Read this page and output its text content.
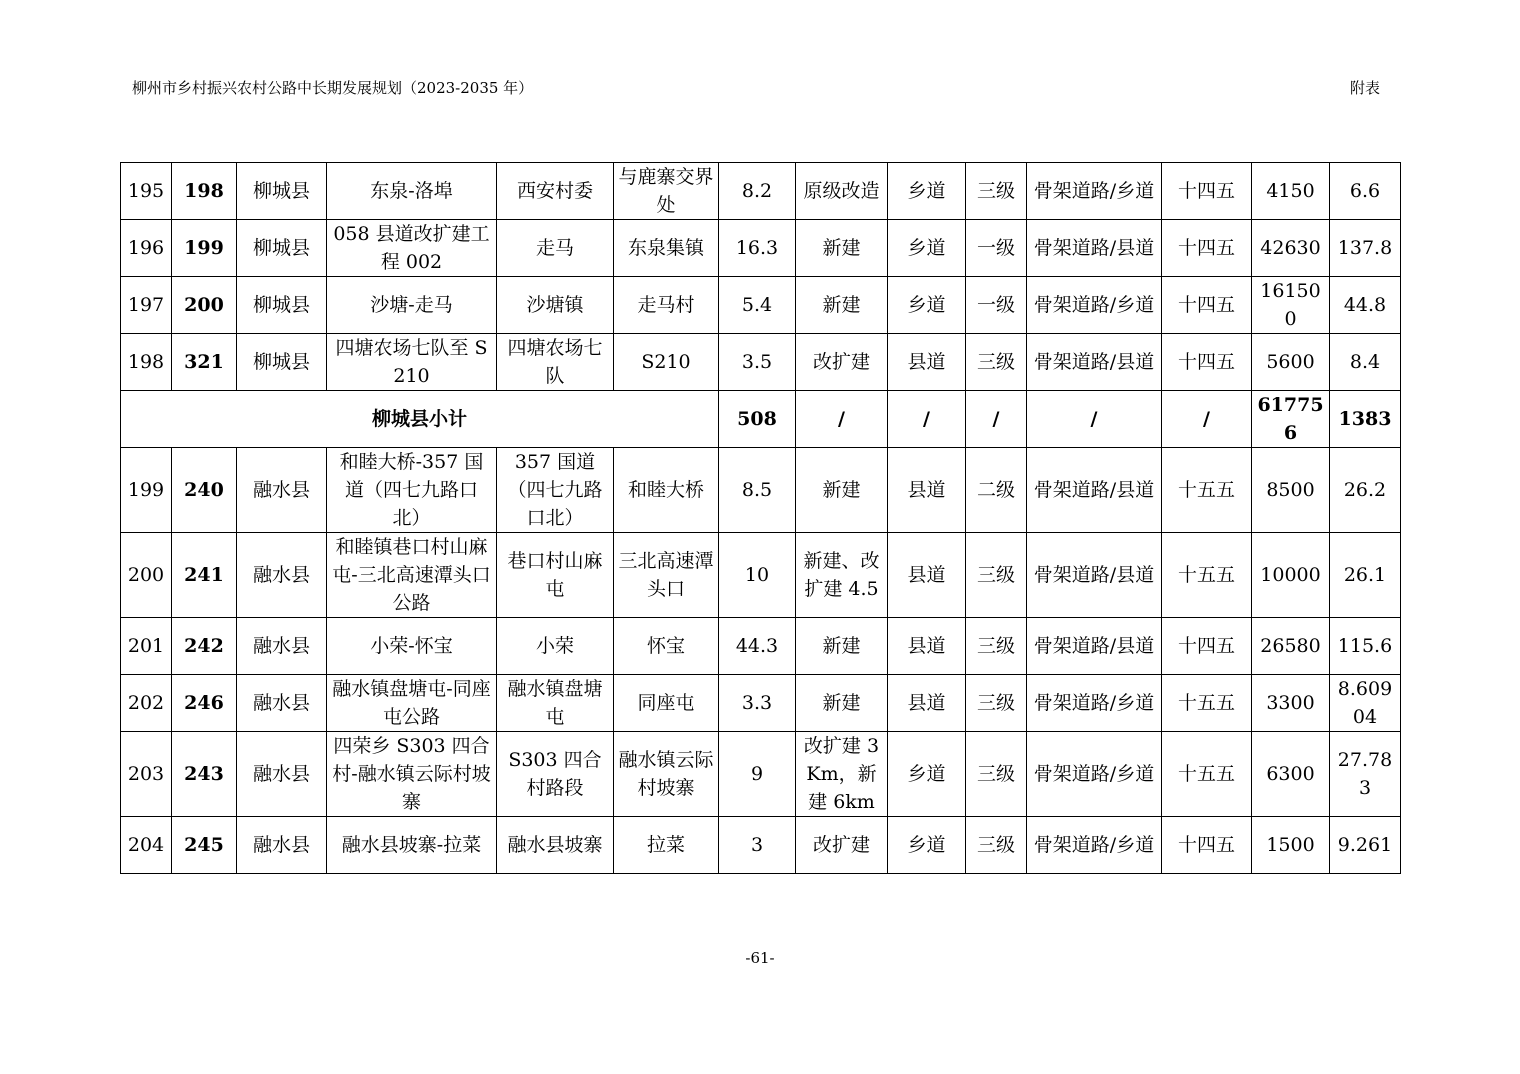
柳州市乡村振兴农村公路中长期发展规划（2023-2035 年）	附表
195	198	柳城县	东泉-洛埠	西安村委	与鹿寨交界处	8.2	原级改造	乡道	三级	骨架道路/乡道	十四五	4150	6.6
196	199	柳城县	058 县道改扩建工程 002	走马	东泉集镇	16.3	新建	乡道	一级	骨架道路/县道	十四五	42630	137.8
197	200	柳城县	沙塘-走马	沙塘镇	走马村	5.4	新建	乡道	一级	骨架道路/乡道	十四五	161500	44.8
198	321	柳城县	四塘农场七队至 S210	四塘农场七队	S210	3.5	改扩建	县道	三级	骨架道路/县道	十四五	5600	8.4
柳城县小计						508	/	/	/	/	/	617756	1383
199	240	融水县	和睦大桥-357 国道（四七九路口北）	357 国道（四七九路口北）	和睦大桥	8.5	新建	县道	二级	骨架道路/县道	十五五	8500	26.2
200	241	融水县	和睦镇巷口村山麻屯-三北高速潭头口公路	巷口村山麻屯	三北高速潭头口	10	新建、改扩建 4.5	县道	三级	骨架道路/县道	十五五	10000	26.1
201	242	融水县	小荣-怀宝	小荣	怀宝	44.3	新建	县道	三级	骨架道路/县道	十四五	26580	115.6
202	246	融水县	融水镇盘塘屯-同座屯公路	融水镇盘塘屯	同座屯	3.3	新建	县道	三级	骨架道路/乡道	十五五	3300	8.60904
203	243	融水县	四荣乡 S303 四合村-融水镇云际村坡寨	S303 四合村路段	融水镇云际村坡寨	9	改扩建 3Km，新建 6km	乡道	三级	骨架道路/乡道	十五五	6300	27.783
204	245	融水县	融水县坡寨-拉菜	融水县坡寨	拉菜	3	改扩建	乡道	三级	骨架道路/乡道	十四五	1500	9.261
-61-
